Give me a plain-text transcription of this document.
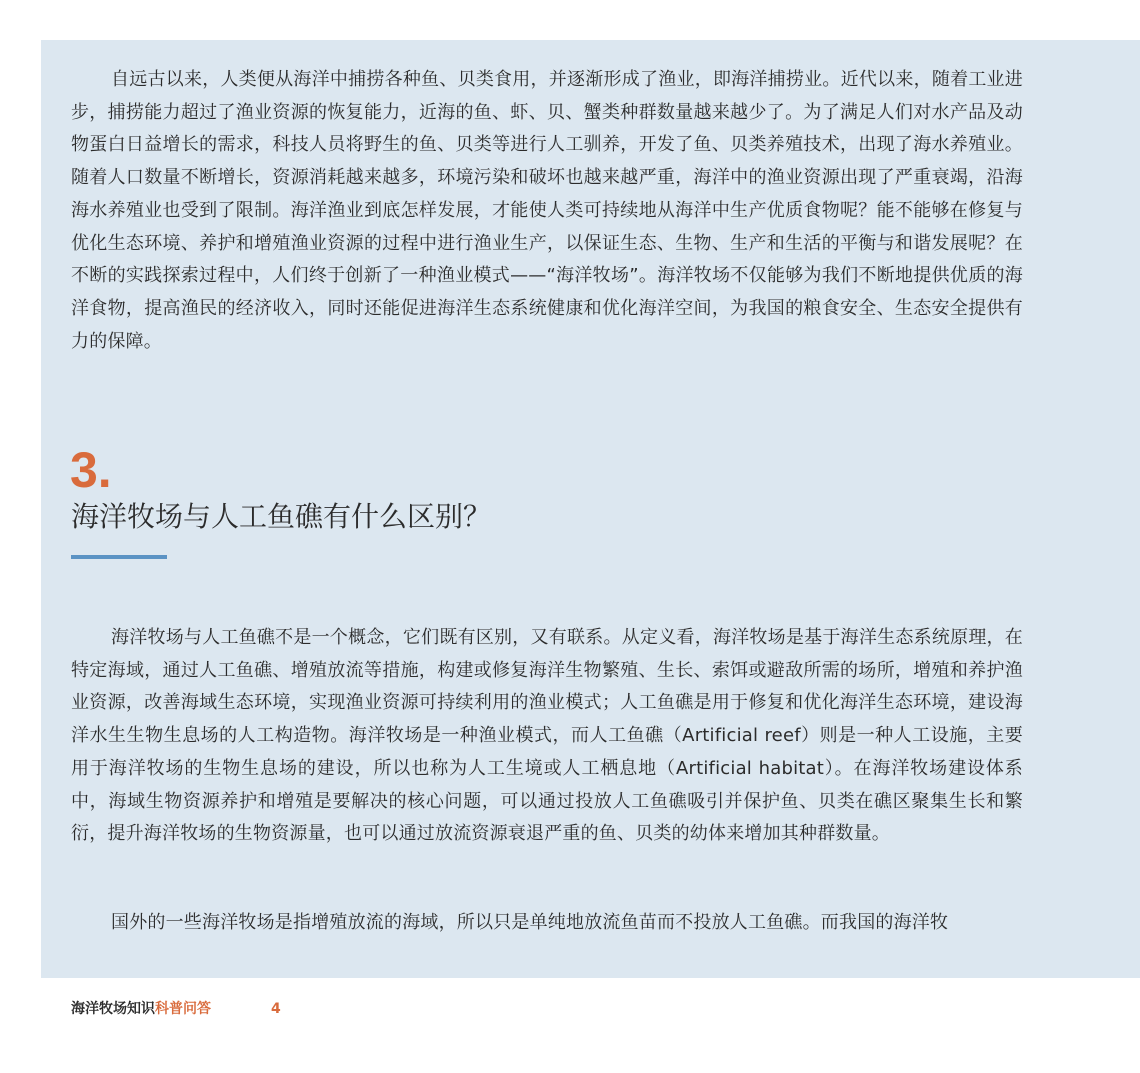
自远古以来，人类便从海洋中捕捞各种鱼、贝类食用，并逐渐形成了渔业，即海洋捕捞业。近代以来，随着工业进步，捕捞能力超过了渔业资源的恢复能力，近海的鱼、虾、贝、蟹类种群数量越来越少了。为了满足人们对水产品及动物蛋白日益增长的需求，科技人员将野生的鱼、贝类等进行人工驯养，开发了鱼、贝类养殖技术，出现了海水养殖业。随着人口数量不断增长，资源消耗越来越多，环境污染和破坏也越来越严重，海洋中的渔业资源出现了严重衰竭，沿海海水养殖业也受到了限制。海洋渔业到底怎样发展，才能使人类可持续地从海洋中生产优质食物呢？能不能够在修复与优化生态环境、养护和增殖渔业资源的过程中进行渔业生产，以保证生态、生物、生产和生活的平衡与和谐发展呢？在不断的实践探索过程中，人们终于创新了一种渔业模式——“海洋牧场”。海洋牧场不仅能够为我们不断地提供优质的海洋食物，提高渔民的经济收入，同时还能促进海洋生态系统健康和优化海洋空间，为我国的粮食安全、生态安全提供有力的保障。

3.
海洋牧场与人工鱼礁有什么区别？

海洋牧场与人工鱼礁不是一个概念，它们既有区别，又有联系。从定义看，海洋牧场是基于海洋生态系统原理，在特定海域，通过人工鱼礁、增殖放流等措施，构建或修复海洋生物繁殖、生长、索饵或避敌所需的场所，增殖和养护渔业资源，改善海域生态环境，实现渔业资源可持续利用的渔业模式；人工鱼礁是用于修复和优化海洋生态环境，建设海洋水生生物生息场的人工构造物。海洋牧场是一种渔业模式，而人工鱼礁（Artificial reef）则是一种人工设施，主要用于海洋牧场的生物生息场的建设，所以也称为人工生境或人工栖息地（Artificial habitat）。在海洋牧场建设体系中，海域生物资源养护和增殖是要解决的核心问题，可以通过投放人工鱼礁吸引并保护鱼、贝类在礁区聚集生长和繁衍，提升海洋牧场的生物资源量，也可以通过放流资源衰退严重的鱼、贝类的幼体来增加其种群数量。

国外的一些海洋牧场是指增殖放流的海域，所以只是单纯地放流鱼苗而不投放人工鱼礁。而我国的海洋牧

海洋牧场知识科普问答	4
